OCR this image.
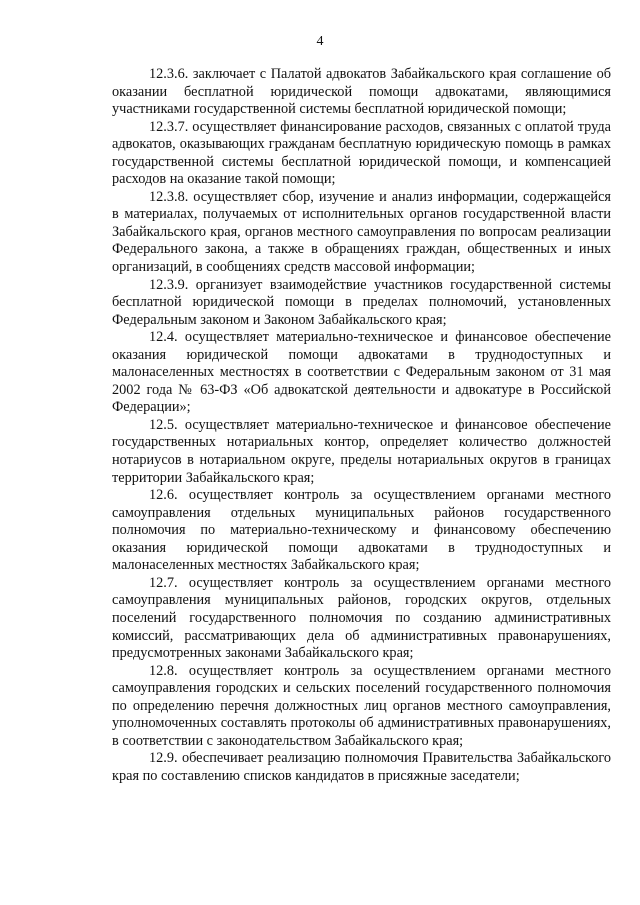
4

12.3.6. заключает с Палатой адвокатов Забайкальского края соглашение об оказании бесплатной юридической помощи адвокатами, являющимися участниками государственной системы бесплатной юридической помощи;

12.3.7. осуществляет финансирование расходов, связанных с оплатой труда адвокатов, оказывающих гражданам бесплатную юридическую помощь в рамках государственной системы бесплатной юридической помощи, и компенсацией расходов на оказание такой помощи;

12.3.8. осуществляет сбор, изучение и анализ информации, содержащейся в материалах, получаемых от исполнительных органов государственной власти Забайкальского края, органов местного самоуправления по вопросам реализации Федерального закона, а также в обращениях граждан, общественных и иных организаций, в сообщениях средств массовой информации;

12.3.9. организует взаимодействие участников государственной системы бесплатной юридической помощи в пределах полномочий, установленных Федеральным законом и Законом Забайкальского края;

12.4. осуществляет материально-техническое и финансовое обеспечение оказания юридической помощи адвокатами в труднодоступных и малонаселенных местностях в соответствии с Федеральным законом от 31 мая 2002 года № 63-ФЗ «Об адвокатской деятельности и адвокатуре в Российской Федерации»;

12.5. осуществляет материально-техническое и финансовое обеспечение государственных нотариальных контор, определяет количество должностей нотариусов в нотариальном округе, пределы нотариальных округов в границах территории Забайкальского края;

12.6. осуществляет контроль за осуществлением органами местного самоуправления отдельных муниципальных районов государственного полномочия по материально-техническому и финансовому обеспечению оказания юридической помощи адвокатами в труднодоступных и малонаселенных местностях Забайкальского края;

12.7. осуществляет контроль за осуществлением органами местного самоуправления муниципальных районов, городских округов, отдельных поселений государственного полномочия по созданию административных комиссий, рассматривающих дела об административных правонарушениях, предусмотренных законами Забайкальского края;

12.8. осуществляет контроль за осуществлением органами местного самоуправления городских и сельских поселений государственного полномочия по определению перечня должностных лиц органов местного самоуправления, уполномоченных составлять протоколы об административных правонарушениях, в соответствии с законодательством Забайкальского края;

12.9. обеспечивает реализацию полномочия Правительства Забайкальского края по составлению списков кандидатов в присяжные заседатели;
